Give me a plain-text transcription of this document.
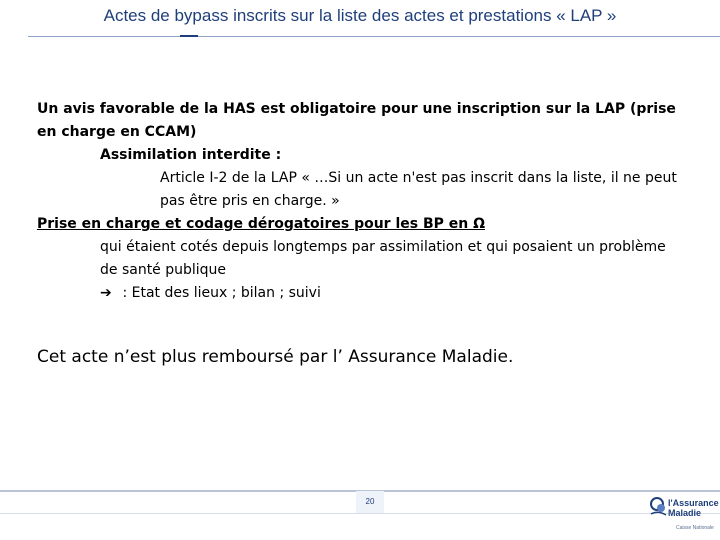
Actes de bypass inscrits sur la liste des actes et prestations « LAP »

Un avis favorable de la HAS est obligatoire pour une inscription sur la LAP (prise en charge en CCAM)

Assimilation interdite :

Article I-2 de la LAP « …Si un acte n'est pas inscrit dans la liste, il ne peut pas être pris en charge. »

Prise en charge et codage dérogatoires pour les BP en Ω

qui étaient cotés depuis longtemps par assimilation et qui posaient un problème de santé publique

➔ : Etat des lieux ; bilan ; suivi

Cet acte n’est plus remboursé par l’ Assurance Maladie.
20	l'Assurance
Maladie
Caisse Nationale
